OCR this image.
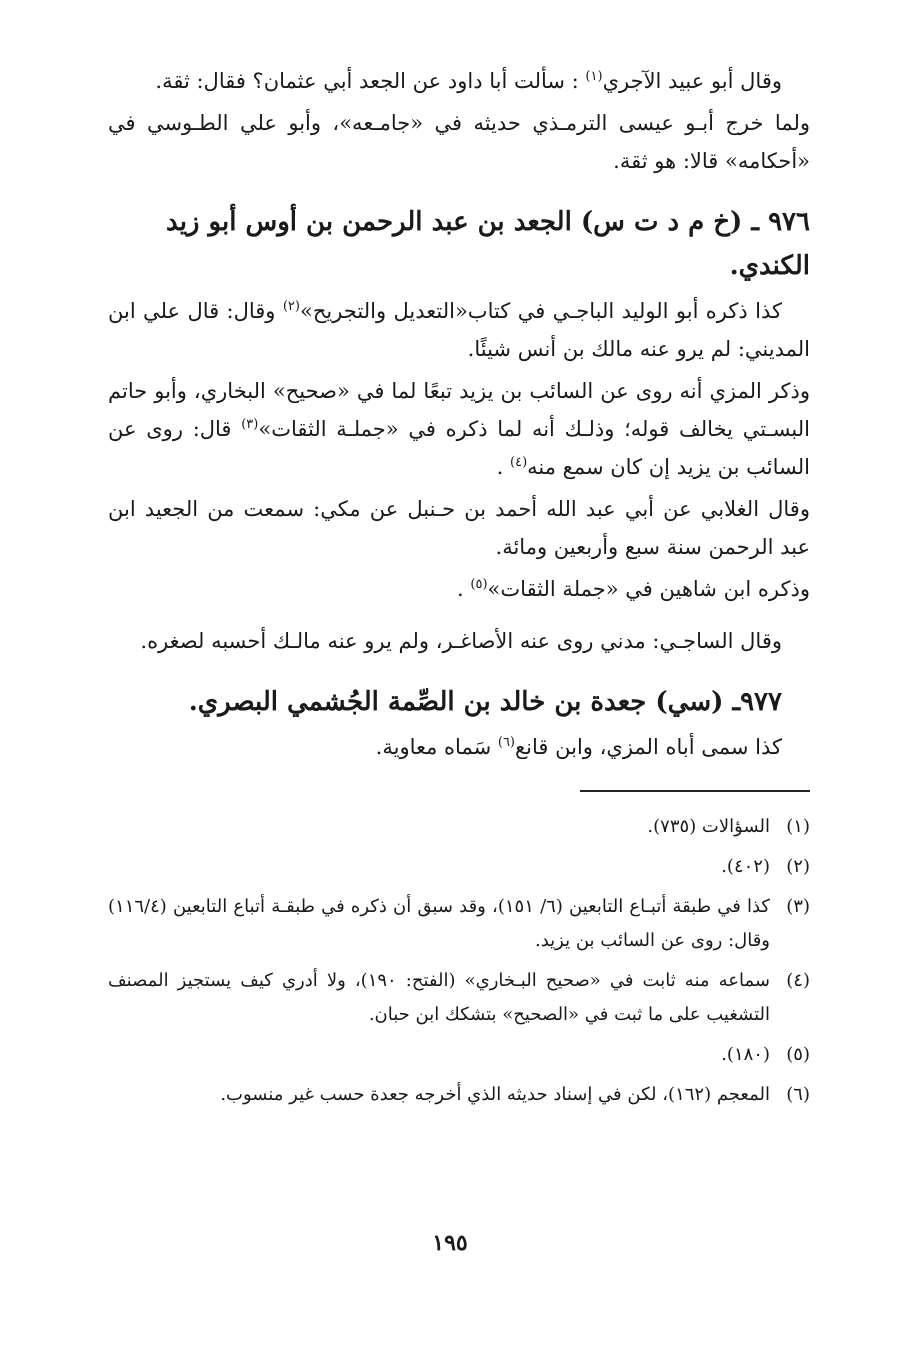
وقال أبو عبيد الآجري$^{(١)}$ : سألت أبا داود عن الجعد أبي عثمان؟ فقال: ثقة.

ولما خرج أبـو عيسى الترمـذي حديثه في «جامـعه»، وأبو علي الطـوسي في «أحكامه» قالا: هو ثقة.

٩٧٦ ـ (خ م د ت س) الجعد بن عبد الرحمن بن أوس أبو زيد الكندي.

كذا ذكره أبو الوليد الباجـي في كتاب«التعديل والتجريح»$^{(٢)}$ وقال: قال علي ابن المديني: لم يرو عنه مالك بن أنس شيئًا.

وذكر المزي أنه روى عن السائب بن يزيد تبعًا لما في «صحيح» البخاري، وأبو حاتم البسـتي يخالف قوله؛ وذلـك أنه لما ذكره في «جملـة الثقات»$^{(٣)}$ قال: روى عن السائب بن يزيد إن كان سمع منه$^{(٤)}$ .

وقال الغلابي عن أبي عبد الله أحمد بن حـنبل عن مكي: سمعت من الجعيد ابن عبد الرحمن سنة سبع وأربعين ومائة.

وذكره ابن شاهين في «جملة الثقات»$^{(٥)}$ .

وقال الساجـي: مدني روى عنه الأصاغـر، ولم يرو عنه مالـك أحسبه لصغره.

٩٧٧ـ (سي) جعدة بن خالد بن الصِّمة الجُشمي البصري.

كذا سمى أباه المزي، وابن قانع$^{(٦)}$ سَماه معاوية.

(١)
السؤالات (٧٣٥).
(٢)
(٤٠٢).
(٣)
كذا في طبقة أتبـاع التابعين (٦/ ١٥١)، وقد سبق أن ذكره في طبقـة أتباع التابعين (١١٦/٤) وقال: روى عن السائب بن يزيد.
(٤)
سماعه منه ثابت في «صحيح البـخاري» (الفتح: ١٩٠)، ولا أدري كيف يستجيز المصنف التشغيب على ما ثبت في «الصحيح» بتشكك ابن حبان.
(٥)
(١٨٠).
(٦)
المعجم (١٦٢)، لكن في إسناد حديثه الذي أخرجه جعدة حسب غير منسوب.
١٩٥
